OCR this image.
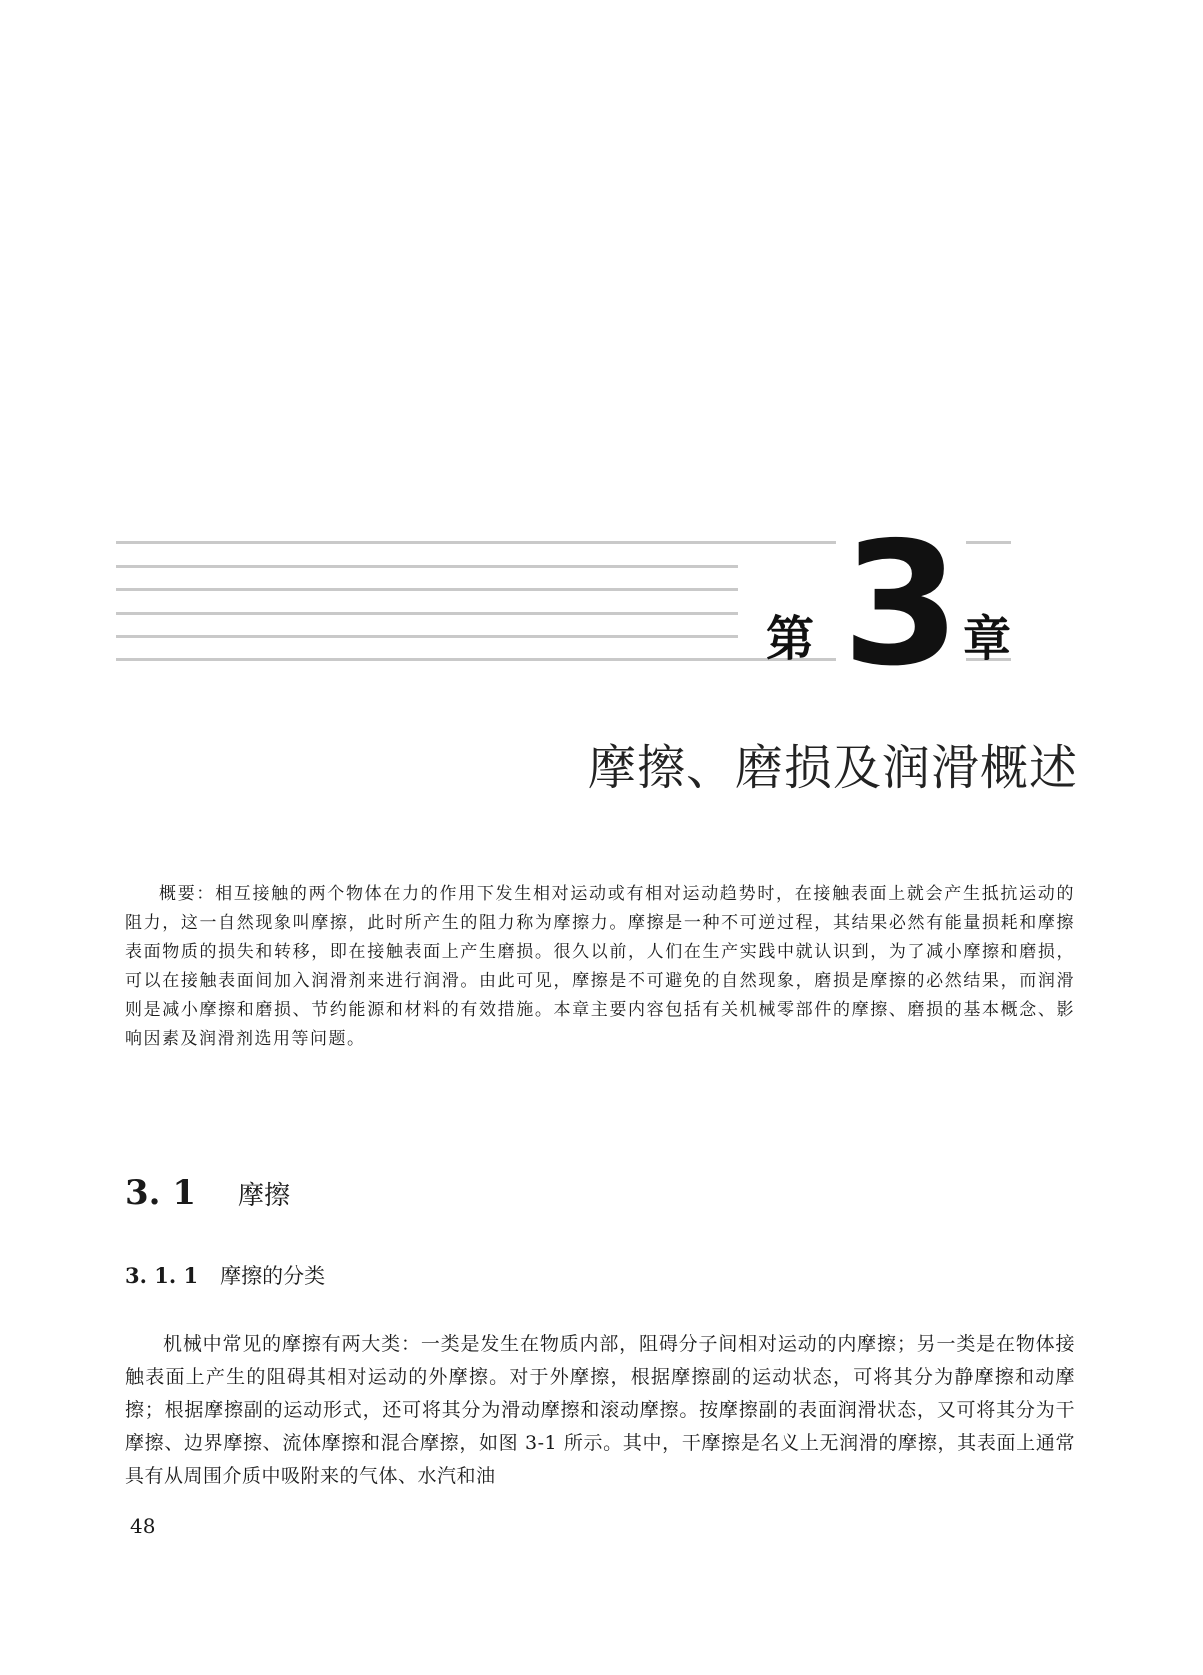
第 3 章
摩擦、磨损及润滑概述

概要：相互接触的两个物体在力的作用下发生相对运动或有相对运动趋势时，在接触表面上就会产生抵抗运动的阻力，这一自然现象叫摩擦，此时所产生的阻力称为摩擦力。摩擦是一种不可逆过程，其结果必然有能量损耗和摩擦表面物质的损失和转移，即在接触表面上产生磨损。很久以前，人们在生产实践中就认识到，为了减小摩擦和磨损，可以在接触表面间加入润滑剂来进行润滑。由此可见，摩擦是不可避免的自然现象，磨损是摩擦的必然结果，而润滑则是减小摩擦和磨损、节约能源和材料的有效措施。本章主要内容包括有关机械零部件的摩擦、磨损的基本概念、影响因素及润滑剂选用等问题。

3. 1 摩擦
3. 1. 1 摩擦的分类

机械中常见的摩擦有两大类：一类是发生在物质内部，阻碍分子间相对运动的内摩擦；另一类是在物体接触表面上产生的阻碍其相对运动的外摩擦。对于外摩擦，根据摩擦副的运动状态，可将其分为静摩擦和动摩擦；根据摩擦副的运动形式，还可将其分为滑动摩擦和滚动摩擦。按摩擦副的表面润滑状态，又可将其分为干摩擦、边界摩擦、流体摩擦和混合摩擦，如图 3-1 所示。其中，干摩擦是名义上无润滑的摩擦，其表面上通常具有从周围介质中吸附来的气体、水汽和油

48
